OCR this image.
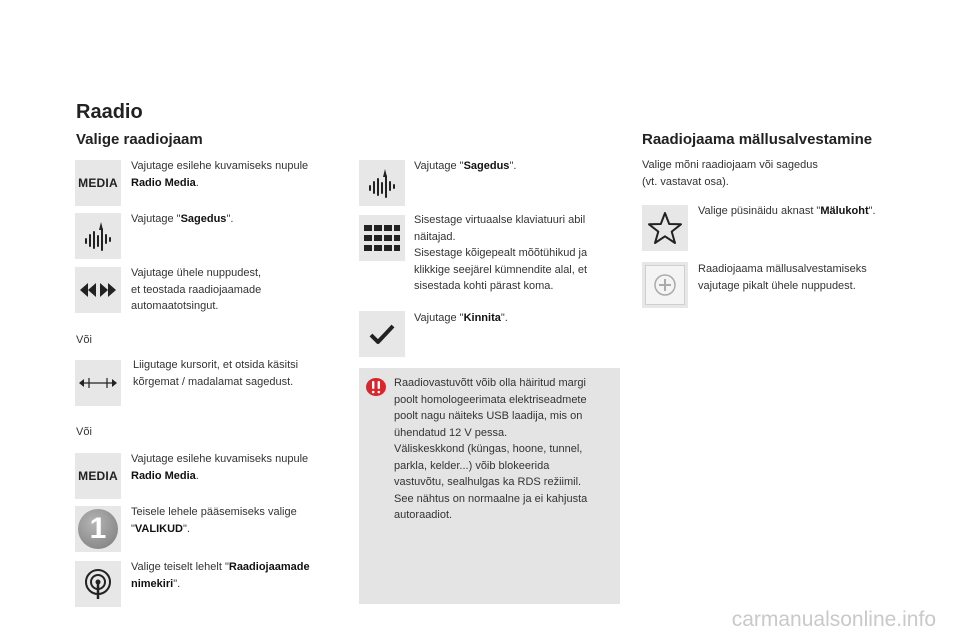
Raadio
Valige raadiojaam	Raadiojaama mällusalvestamine
MEDIA
Vajutage esilehe kuvamiseks nupule
Radio Media.
Vajutage "Sagedus".
Vajutage ühele nuppudest,
et teostada raadiojaamade
automaatotsingut.
Või
Liigutage kursorit, et otsida käsitsi
kõrgemat / madalamat sagedust.
Või
MEDIA
Vajutage esilehe kuvamiseks nupule
Radio Media.
1 Teisele lehele pääsemiseks valige
"VALIKUD".
Valige teiselt lehelt "Raadiojaamade
nimekiri".
Vajutage "Sagedus".
Sisestage virtuaalse klaviatuuri abil
näitajad.
Sisestage kõigepealt mõõtühikud ja
klikkige seejärel kümnendite alal, et
sisestada kohti pärast koma.
Vajutage "Kinnita".
Raadiovastuvõtt võib olla häiritud margi
poolt homologeerimata elektriseadmete
poolt nagu näiteks USB laadija, mis on
ühendatud 12 V pessa.
Väliskeskkond (küngas, hoone, tunnel,
parkla, kelder...) võib blokeerida
vastuvõtu, sealhulgas ka RDS režiimil.
See nähtus on normaalne ja ei kahjusta
autoraadiot.
Valige mõni raadiojaam või sagedus
(vt. vastavat osa).
Valige püsinäidu aknast "Mälukoht".
Raadiojaama mällusalvestamiseks
vajutage pikalt ühele nuppudest.
carmanualsonline.info
